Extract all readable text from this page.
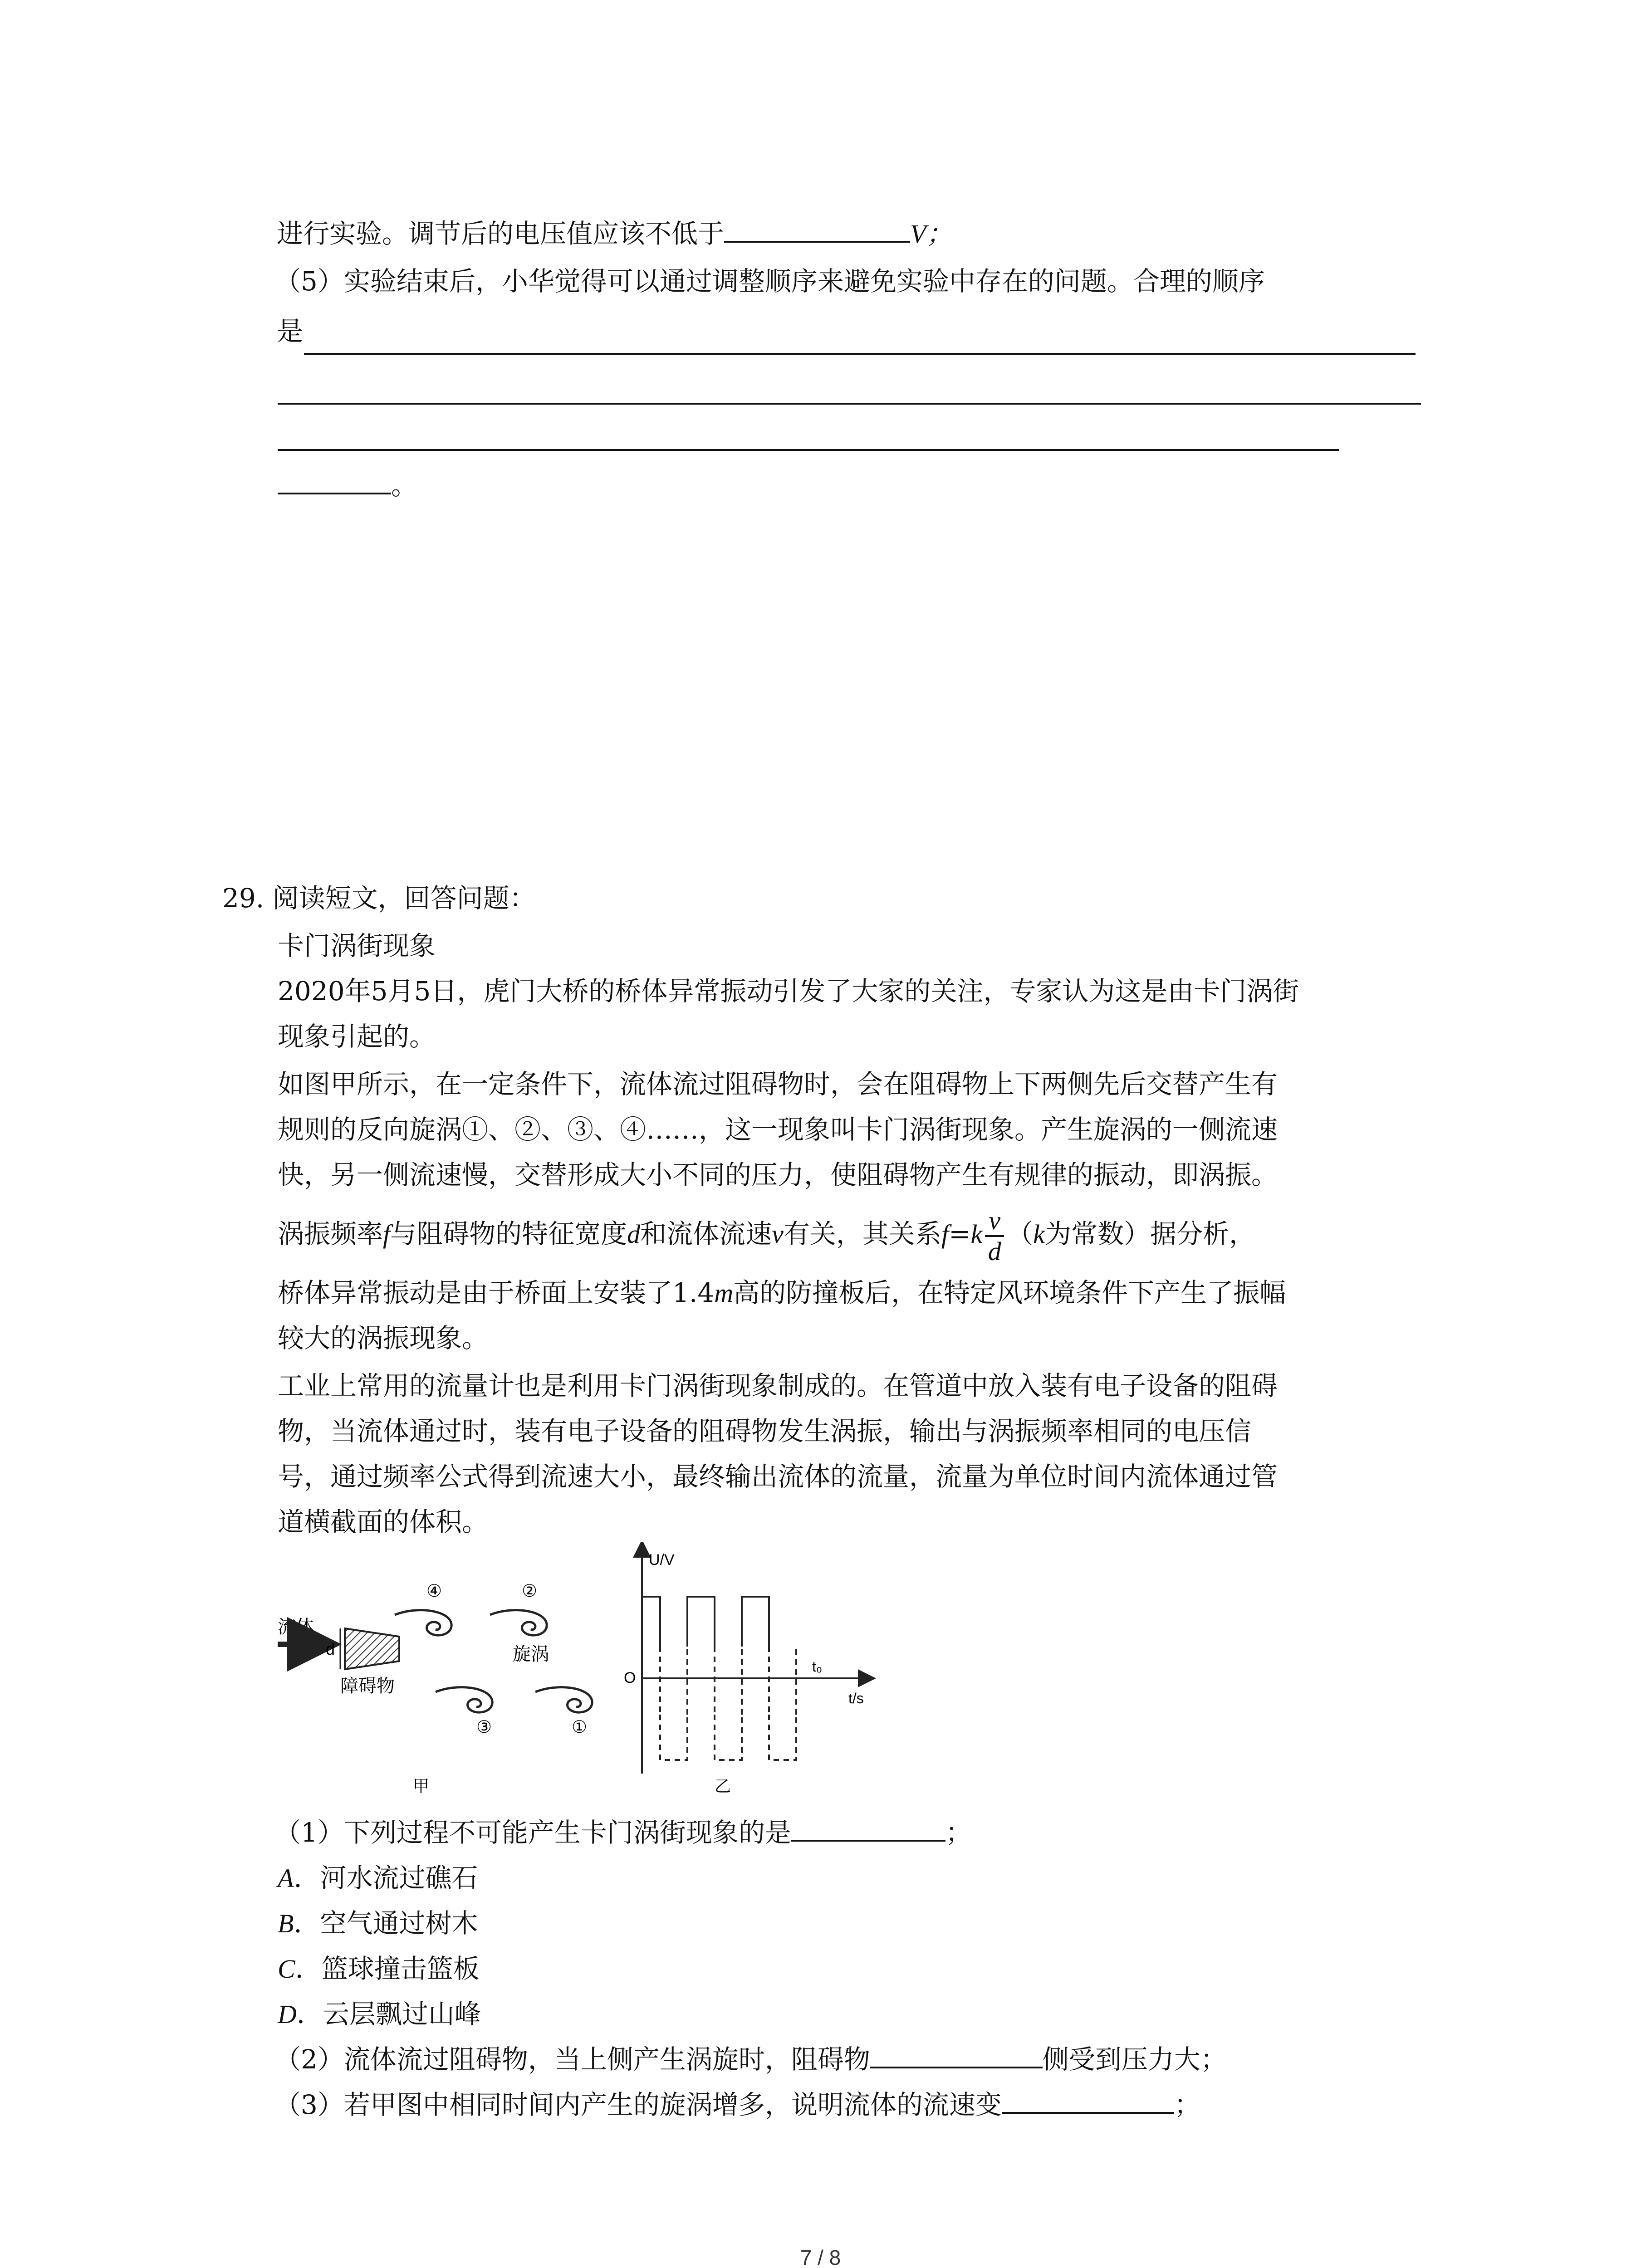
进行实验。调节后的电压值应该不低于	V；
（5）实验结束后，小华觉得可以通过调整顺序来避免实验中存在的问题。合理的顺序
是
。
29. 阅读短文，回答问题：
卡门涡街现象
2020年5月5日，虎门大桥的桥体异常振动引发了大家的关注，专家认为这是由卡门涡街
现象引起的。
如图甲所示，在一定条件下，流体流过阻碍物时，会在阻碍物上下两侧先后交替产生有
规则的反向旋涡①、②、③、④……，这一现象叫卡门涡街现象。产生旋涡的一侧流速
快，另一侧流速慢，交替形成大小不同的压力，使阻碍物产生有规律的振动，即涡振。
涡振频率f与阻碍物的特征宽度d和流体流速v有关，其关系$f=k \frac{v}{d} (k$为常数）据分析，
桥体异常振动是由于桥面上安装了1.4m高的防撞板后，在特定风环境条件下产生了振幅
较大的涡振现象。
工业上常用的流量计也是利用卡门涡街现象制成的。在管道中放入装有电子设备的阻碍
物，当流体通过时，装有电子设备的阻碍物发生涡振，输出与涡振频率相同的电压信
号，通过频率公式得到流速大小，最终输出流体的流量，流量为单位时间内流体通过管
道横截面的体积。
流体
d
障碍物
④	②
旋涡
③	①
甲
U/V
O
t₀
t/s
乙
（1）下列过程不可能产生卡门涡街现象的是	；
A．河水流过礁石
B．空气通过树木
C．篮球撞击篮板
D．云层飘过山峰
（2）流体流过阻碍物，当上侧产生涡旋时，阻碍物	侧受到压力大；
（3）若甲图中相同时间内产生的旋涡增多，说明流体的流速变	；
7 / 8
